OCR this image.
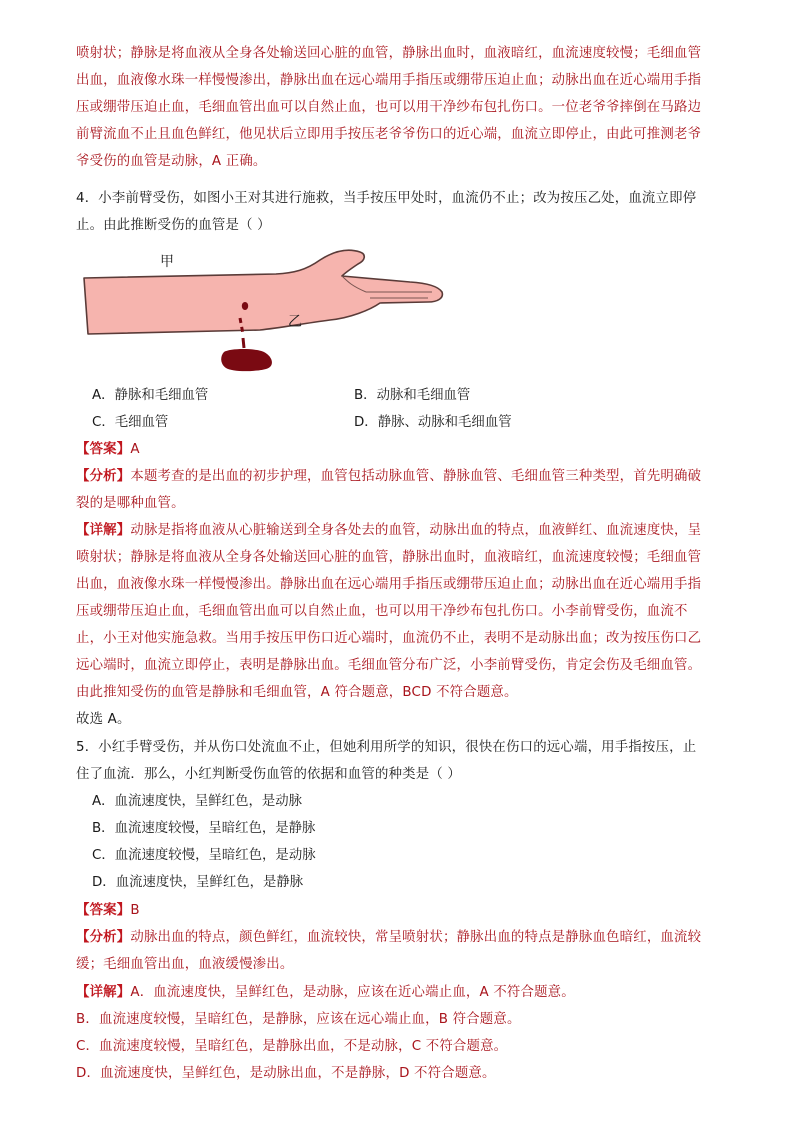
喷射状；静脉是将血液从全身各处输送回心脏的血管，静脉出血时，血液暗红，血流速度较慢；毛细血管
出血，血液像水珠一样慢慢渗出，静脉出血在远心端用手指压或绷带压迫止血；动脉出血在近心端用手指
压或绷带压迫止血，毛细血管出血可以自然止血，也可以用干净纱布包扎伤口。一位老爷爷摔倒在马路边
前臂流血不止且血色鲜红，他见状后立即用手按压老爷爷伤口的近心端，血流立即停止，由此可推测老爷
爷受伤的血管是动脉，A 正确。
4．小李前臂受伤，如图小王对其进行施救，当手按压甲处时，血流仍不止；改为按压乙处，血流立即停
止。由此推断受伤的血管是（ ）
甲
乙
A．静脉和毛细血管	B．动脉和毛细血管
C．毛细血管	D．静脉、动脉和毛细血管
【答案】A
【分析】本题考查的是出血的初步护理，血管包括动脉血管、静脉血管、毛细血管三种类型，首先明确破
裂的是哪种血管。
【详解】动脉是指将血液从心脏输送到全身各处去的血管，动脉出血的特点，血液鲜红、血流速度快，呈
喷射状；静脉是将血液从全身各处输送回心脏的血管，静脉出血时，血液暗红，血流速度较慢；毛细血管
出血，血液像水珠一样慢慢渗出。静脉出血在远心端用手指压或绷带压迫止血；动脉出血在近心端用手指
压或绷带压迫止血，毛细血管出血可以自然止血，也可以用干净纱布包扎伤口。小李前臂受伤，血流不
止，小王对他实施急救。当用手按压甲伤口近心端时，血流仍不止，表明不是动脉出血；改为按压伤口乙
远心端时，血流立即停止，表明是静脉出血。毛细血管分布广泛，小李前臂受伤，肯定会伤及毛细血管。
由此推知受伤的血管是静脉和毛细血管，A 符合题意，BCD 不符合题意。
故选 A。
5．小红手臂受伤，并从伤口处流血不止，但她利用所学的知识，很快在伤口的远心端，用手指按压，止
住了血流．那么，小红判断受伤血管的依据和血管的种类是（ ）
A．血流速度快，呈鲜红色，是动脉
B．血流速度较慢，呈暗红色，是静脉
C．血流速度较慢，呈暗红色，是动脉
D．血流速度快，呈鲜红色，是静脉
【答案】B
【分析】动脉出血的特点，颜色鲜红，血流较快，常呈喷射状；静脉出血的特点是静脉血色暗红，血流较
缓；毛细血管出血，血液缓慢渗出。
【详解】A．血流速度快，呈鲜红色，是动脉，应该在近心端止血，A 不符合题意。
B．血流速度较慢，呈暗红色，是静脉，应该在远心端止血，B 符合题意。
C．血流速度较慢，呈暗红色，是静脉出血，不是动脉，C 不符合题意。
D．血流速度快，呈鲜红色，是动脉出血，不是静脉，D 不符合题意。
